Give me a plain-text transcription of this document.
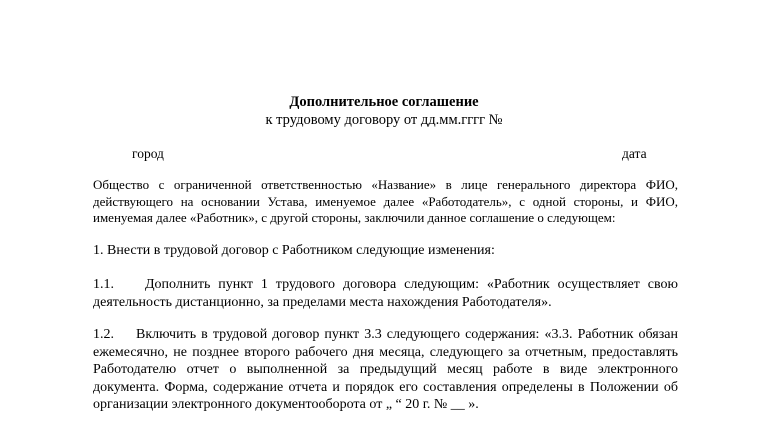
Дополнительное соглашение
к трудовому договору от дд.мм.гггг №
город	дата
Общество с ограниченной ответственностью «Название» в лице генерального директора ФИО, действующего на основании Устава, именуемое далее «Работодатель», с одной стороны, и ФИО, именуемая далее «Работник», с другой стороны, заключили данное соглашение о следующем:
1. Внести в трудовой договор с Работником следующие изменения:
1.1. Дополнить пункт 1 трудового договора следующим: «Работник осуществляет свою деятельность дистанционно, за пределами места нахождения Работодателя».
1.2. Включить в трудовой договор пункт 3.3 следующего содержания: «3.3. Работник обязан ежемесячно, не позднее второго рабочего дня месяца, следующего за отчетным, предоставлять Работодателю отчет о выполненной за предыдущий месяц работе в виде электронного документа. Форма, содержание отчета и порядок его составления определены в Положении об организации электронного документооборота от „ “ 20 г. № __ ».
